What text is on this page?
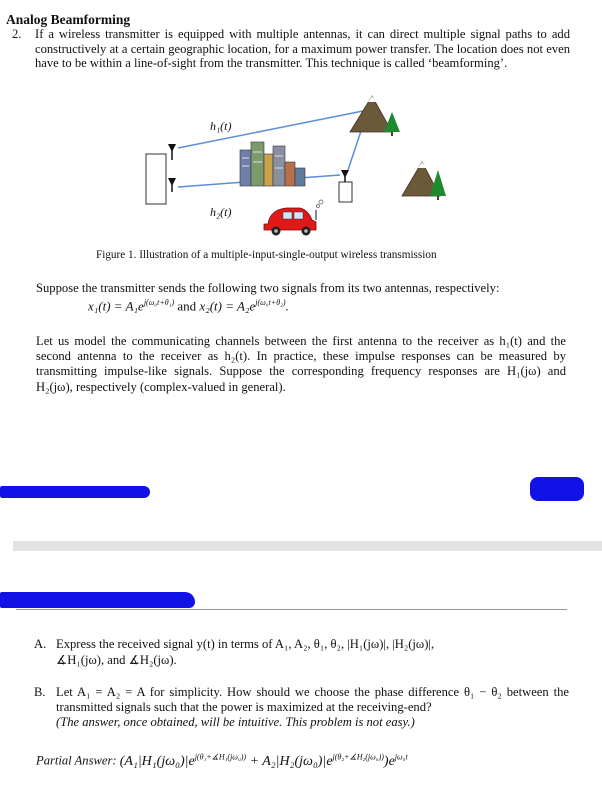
Analog Beamforming
2. If a wireless transmitter is equipped with multiple antennas, it can direct multiple signal paths to add constructively at a certain geographic location, for a maximum power transfer. The location does not even have to be within a line-of-sight from the transmitter. This technique is called ‘beamforming’.
h₁(t)
h₂(t)
Figure 1. Illustration of a multiple-input-single-output wireless transmission
Suppose the transmitter sends the following two signals from its two antennas, respectively:
$x_1(t) = A_1e^{j(\omega_0t+\theta_1)}$ and $x_2(t) = A_2e^{j(\omega_0t+\theta_2)}$.
Let us model the communicating channels between the first antenna to the receiver as h₁(t) and the second antenna to the receiver as h₂(t). In practice, these impulse responses can be measured by transmitting impulse-like signals. Suppose the corresponding frequency responses are H₁(jω) and H₂(jω), respectively (complex-valued in general).
A. Express the received signal y(t) in terms of A₁, A₂, θ₁, θ₂, |H₁(jω)|, |H₂(jω)|,
∡H₁(jω), and ∡H₂(jω).
B. Let A₁ = A₂ = A for simplicity. How should we choose the phase difference θ₁ − θ₂ between the transmitted signals such that the power is maximized at the receiving-end?
(The answer, once obtained, will be intuitive. This problem is not easy.)
Partial Answer: $(A_1|H_1(j\omega_0)|e^{j(\theta_1+∡H_1(j\omega_0))} + A_2|H_2(j\omega_0)|e^{j(\theta_2+∡H_2(j\omega_0))})e^{j\omega_0t}$
